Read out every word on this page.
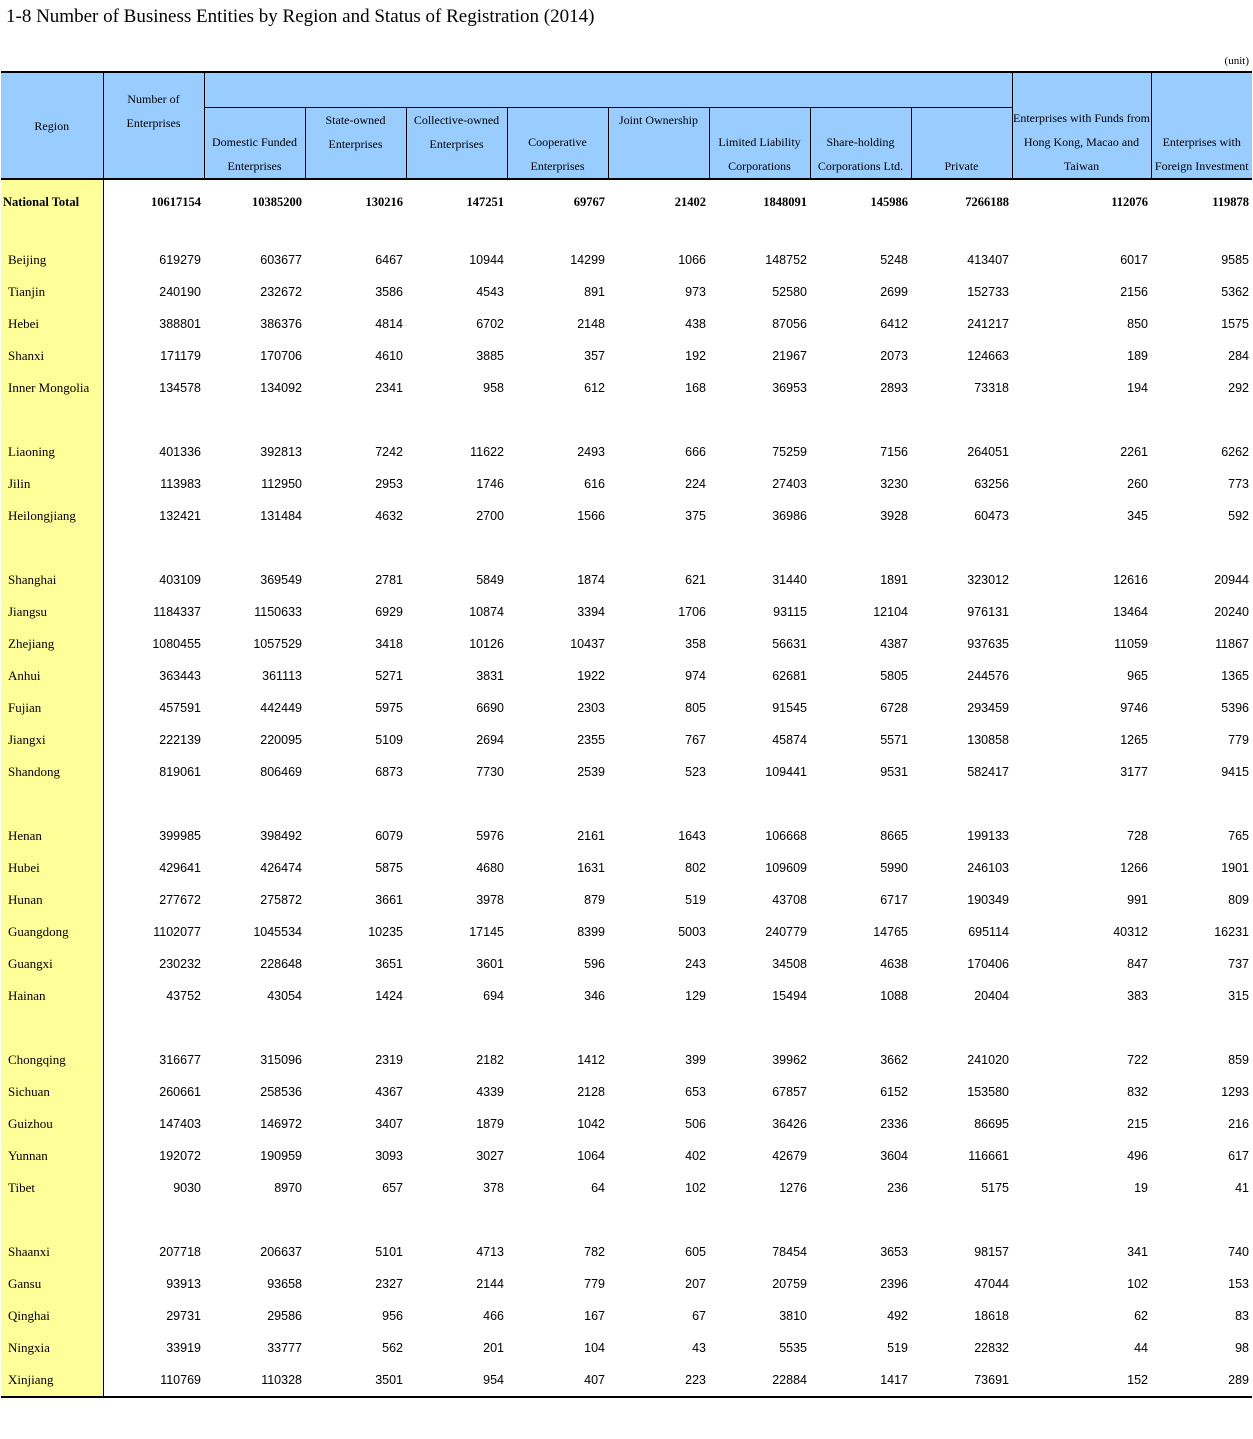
1-8 Number of Business Entities by Region and Status of Registration (2014)
(unit)
Region	Number of Enterprises									Enterprises with Funds from Hong Kong, Macao and Taiwan	Enterprises with Foreign Investment
		Domestic Funded Enterprises	State-owned Enterprises	Collective-owned Enterprises	Cooperative Enterprises	Joint Ownership	Limited Liability Corporations	Share-holding Corporations Ltd.	Private		
National Total	10617154	10385200	130216	147251	69767	21402	1848091	145986	7266188	112076	119878

Beijing	619279	603677	6467	10944	14299	1066	148752	5248	413407	6017	9585
Tianjin	240190	232672	3586	4543	891	973	52580	2699	152733	2156	5362
Hebei	388801	386376	4814	6702	2148	438	87056	6412	241217	850	1575
Shanxi	171179	170706	4610	3885	357	192	21967	2073	124663	189	284
Inner Mongolia	134578	134092	2341	958	612	168	36953	2893	73318	194	292

Liaoning	401336	392813	7242	11622	2493	666	75259	7156	264051	2261	6262
Jilin	113983	112950	2953	1746	616	224	27403	3230	63256	260	773
Heilongjiang	132421	131484	4632	2700	1566	375	36986	3928	60473	345	592

Shanghai	403109	369549	2781	5849	1874	621	31440	1891	323012	12616	20944
Jiangsu	1184337	1150633	6929	10874	3394	1706	93115	12104	976131	13464	20240
Zhejiang	1080455	1057529	3418	10126	10437	358	56631	4387	937635	11059	11867
Anhui	363443	361113	5271	3831	1922	974	62681	5805	244576	965	1365
Fujian	457591	442449	5975	6690	2303	805	91545	6728	293459	9746	5396
Jiangxi	222139	220095	5109	2694	2355	767	45874	5571	130858	1265	779
Shandong	819061	806469	6873	7730	2539	523	109441	9531	582417	3177	9415

Henan	399985	398492	6079	5976	2161	1643	106668	8665	199133	728	765
Hubei	429641	426474	5875	4680	1631	802	109609	5990	246103	1266	1901
Hunan	277672	275872	3661	3978	879	519	43708	6717	190349	991	809
Guangdong	1102077	1045534	10235	17145	8399	5003	240779	14765	695114	40312	16231
Guangxi	230232	228648	3651	3601	596	243	34508	4638	170406	847	737
Hainan	43752	43054	1424	694	346	129	15494	1088	20404	383	315

Chongqing	316677	315096	2319	2182	1412	399	39962	3662	241020	722	859
Sichuan	260661	258536	4367	4339	2128	653	67857	6152	153580	832	1293
Guizhou	147403	146972	3407	1879	1042	506	36426	2336	86695	215	216
Yunnan	192072	190959	3093	3027	1064	402	42679	3604	116661	496	617
Tibet	9030	8970	657	378	64	102	1276	236	5175	19	41

Shaanxi	207718	206637	5101	4713	782	605	78454	3653	98157	341	740
Gansu	93913	93658	2327	2144	779	207	20759	2396	47044	102	153
Qinghai	29731	29586	956	466	167	67	3810	492	18618	62	83
Ningxia	33919	33777	562	201	104	43	5535	519	22832	44	98
Xinjiang	110769	110328	3501	954	407	223	22884	1417	73691	152	289
